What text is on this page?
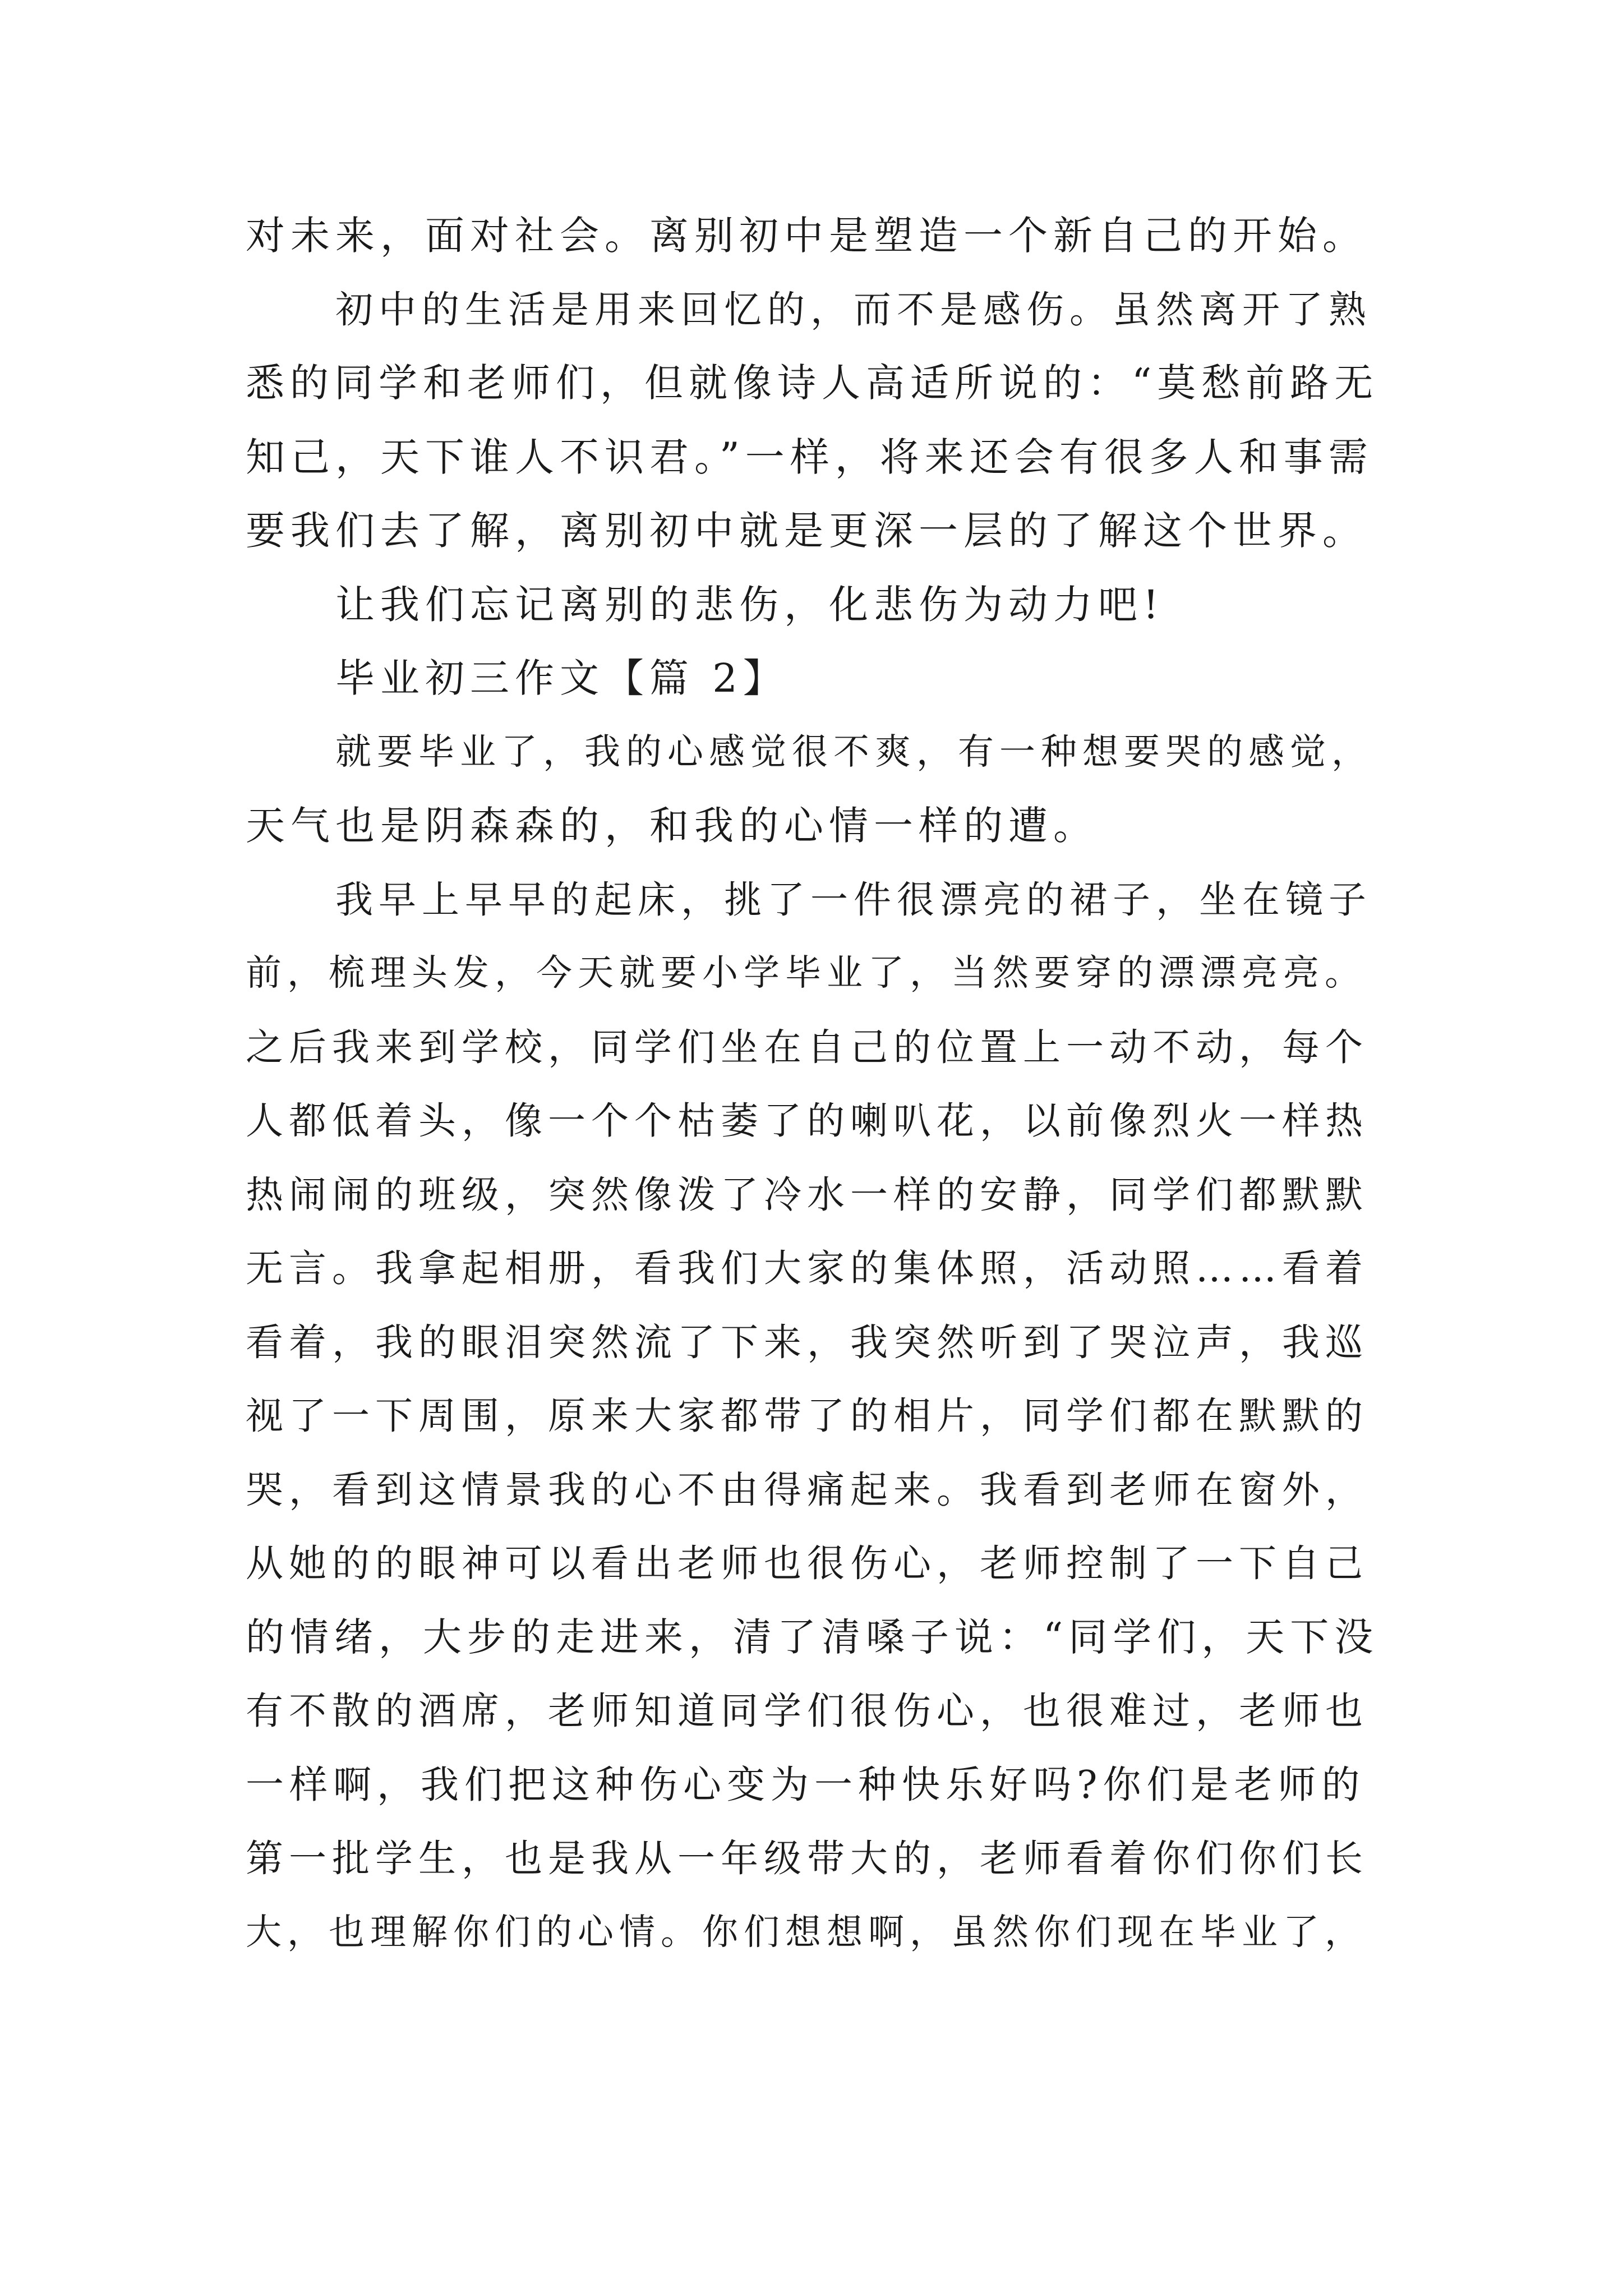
对未来，面对社会。离别初中是塑造一个新自己的开始。
初中的生活是用来回忆的，而不是感伤。虽然离开了熟
悉的同学和老师们，但就像诗人高适所说的：“莫愁前路无
知己，天下谁人不识君。”一样，将来还会有很多人和事需
要我们去了解，离别初中就是更深一层的了解这个世界。
让我们忘记离别的悲伤，化悲伤为动力吧!
毕业初三作文【篇 2】
就要毕业了，我的心感觉很不爽，有一种想要哭的感觉，
天气也是阴森森的，和我的心情一样的遭。
我早上早早的起床，挑了一件很漂亮的裙子，坐在镜子
前，梳理头发，今天就要小学毕业了，当然要穿的漂漂亮亮。
之后我来到学校，同学们坐在自己的位置上一动不动，每个
人都低着头，像一个个枯萎了的喇叭花，以前像烈火一样热
热闹闹的班级，突然像泼了冷水一样的安静，同学们都默默
无言。我拿起相册，看我们大家的集体照，活动照……看着
看着，我的眼泪突然流了下来，我突然听到了哭泣声，我巡
视了一下周围，原来大家都带了的相片，同学们都在默默的
哭，看到这情景我的心不由得痛起来。我看到老师在窗外，
从她的的眼神可以看出老师也很伤心，老师控制了一下自己
的情绪，大步的走进来，清了清嗓子说：“同学们，天下没
有不散的酒席，老师知道同学们很伤心，也很难过，老师也
一样啊，我们把这种伤心变为一种快乐好吗?你们是老师的
第一批学生，也是我从一年级带大的，老师看着你们你们长
大，也理解你们的心情。你们想想啊，虽然你们现在毕业了，
